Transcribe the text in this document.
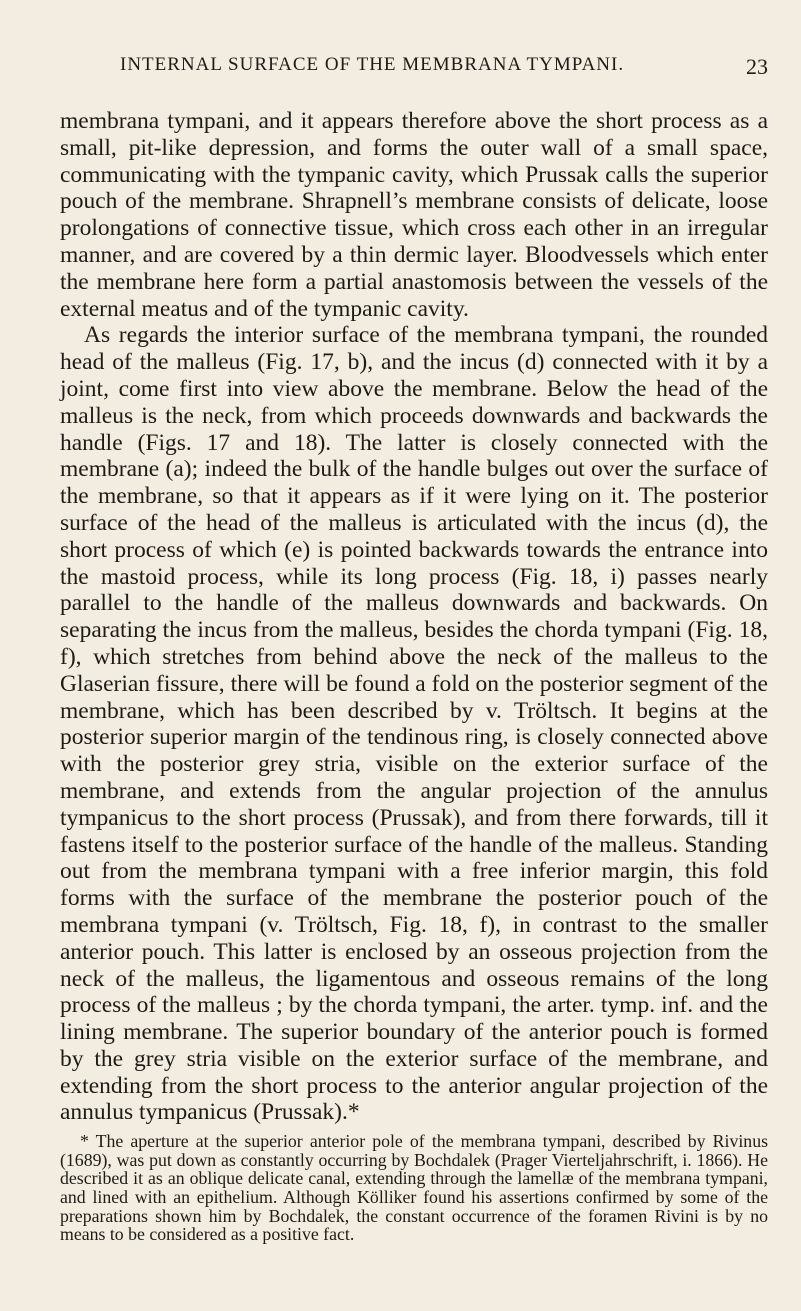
INTERNAL SURFACE OF THE MEMBRANA TYMPANI.	23

membrana tympani, and it appears therefore above the short process as a small, pit-like depression, and forms the outer wall of a small space, communicating with the tympanic cavity, which Prussak calls the superior pouch of the membrane. Shrapnell’s membrane consists of delicate, loose prolongations of connective tissue, which cross each other in an irregular manner, and are covered by a thin dermic layer. Bloodvessels which enter the membrane here form a partial anastomosis between the vessels of the external meatus and of the tympanic cavity.

As regards the interior surface of the membrana tympani, the rounded head of the malleus (Fig. 17, b), and the incus (d) connected with it by a joint, come first into view above the membrane. Below the head of the malleus is the neck, from which proceeds downwards and backwards the handle (Figs. 17 and 18). The latter is closely connected with the membrane (a); indeed the bulk of the handle bulges out over the surface of the membrane, so that it appears as if it were lying on it. The posterior surface of the head of the malleus is articulated with the incus (d), the short process of which (e) is pointed backwards towards the entrance into the mastoid process, while its long process (Fig. 18, i) passes nearly parallel to the handle of the malleus downwards and backwards. On separating the incus from the malleus, besides the chorda tympani (Fig. 18, f), which stretches from behind above the neck of the malleus to the Glaserian fissure, there will be found a fold on the posterior segment of the membrane, which has been described by v. Tröltsch. It begins at the posterior superior margin of the tendinous ring, is closely connected above with the posterior grey stria, visible on the exterior surface of the membrane, and extends from the angular projection of the annulus tympanicus to the short process (Prussak), and from there forwards, till it fastens itself to the posterior surface of the handle of the malleus. Standing out from the membrana tympani with a free inferior margin, this fold forms with the surface of the membrane the posterior pouch of the membrana tympani (v. Tröltsch, Fig. 18, f), in contrast to the smaller anterior pouch. This latter is enclosed by an osseous projection from the neck of the malleus, the ligamentous and osseous remains of the long process of the malleus ; by the chorda tympani, the arter. tymp. inf. and the lining membrane. The superior boundary of the anterior pouch is formed by the grey stria visible on the exterior surface of the membrane, and extending from the short process to the anterior angular projection of the annulus tympanicus (Prussak).*

* The aperture at the superior anterior pole of the membrana tympani, described by Rivinus (1689), was put down as constantly occurring by Bochdalek (Prager Vierteljahrschrift, i. 1866). He described it as an oblique delicate canal, extending through the lamellæ of the membrana tympani, and lined with an epithelium. Although Kölliker found his assertions confirmed by some of the preparations shown him by Bochdalek, the constant occurrence of the foramen Rivini is by no means to be considered as a positive fact.
